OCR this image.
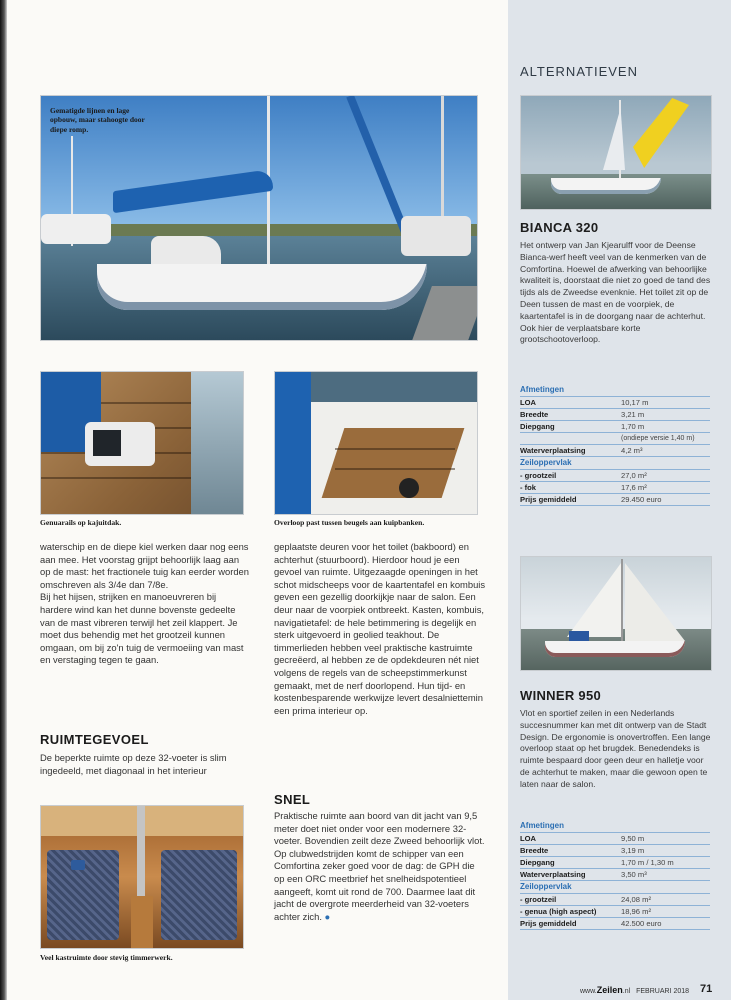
Gematigde lijnen en lage opbouw, maar stahoogte door diepe romp.
Genuarails op kajuitdak.	Overloop past tussen beugels aan kuipbanken.

waterschip en de diepe kiel werken daar nog eens aan mee. Het voorstag grijpt behoorlijk laag aan op de mast: het fractionele tuig kan eerder worden omschreven als 3/4e dan 7/8e.

Bij het hijsen, strijken en manoeuvreren bij hardere wind kan het dunne bovenste gedeelte van de mast vibreren terwijl het zeil klappert. Je moet dus behendig met het grootzeil kunnen omgaan, om bij zo'n tuig de vermoeiing van mast en verstaging tegen te gaan.

RUIMTEGEVOEL
De beperkte ruimte op deze 32-voeter is slim ingedeeld, met diagonaal in het interieur
Veel kastruimte door stevig timmerwerk.
geplaatste deuren voor het toilet (bakboord) en achterhut (stuurboord). Hierdoor houd je een gevoel van ruimte. Uitgezaagde openingen in het schot midscheeps voor de kaartentafel en kombuis geven een gezellig doorkijkje naar de salon. Een deur naar de voorpiek ontbreekt. Kasten, kombuis, navigatietafel: de hele betimmering is degelijk en sterk uitgevoerd in geolied teakhout. De timmerlieden hebben veel praktische kastruimte gecreëerd, al hebben ze de opdekdeuren nét niet volgens de regels van de scheepstimmerkunst gemaakt, met de nerf doorlopend. Hun tijd- en kostenbesparende werkwijze levert desalniettemin een prima interieur op.
SNEL
Praktische ruimte aan boord van dit jacht van 9,5 meter doet niet onder voor een modernere 32-voeter. Bovendien zeilt deze Zweed behoorlijk vlot. Op clubwedstrijden komt de schipper van een Comfortina zeker goed voor de dag: de GPH die op een ORC meetbrief het snelheidspotentieel aangeeft, komt uit rond de 700. Daarmee laat dit jacht de overgrote meerderheid van 32-voeters achter zich. ●
ALTERNATIEVEN
BIANCA 320
Het ontwerp van Jan Kjearulff voor de Deense Bianca-werf heeft veel van de kenmerken van de Comfortina. Hoewel de afwerking van behoorlijke kwaliteit is, doorstaat die niet zo goed de tand des tijds als de Zweedse evenknie. Het toilet zit op de Deen tussen de mast en de voorpiek, de kaartentafel is in de doorgang naar de achterhut. Ook hier de verplaatsbare korte grootschootoverloop.
Afmetingen
LOA	10,17 m
Breedte	3,21 m
Diepgang	1,70 m
(ondiepe versie 1,40 m)
Waterverplaatsing	4,2 m³
Zeiloppervlak
- grootzeil	27,0 m²
- fok	17,6 m²
Prijs gemiddeld	29.450 euro
WINNER 950
Vlot en sportief zeilen in een Nederlands succesnummer kan met dit ontwerp van de Stadt Design. De ergonomie is onovertroffen. Een lange overloop staat op het brugdek. Benedendeks is ruimte bespaard door geen deur en halletje voor de achterhut te maken, maar die gewoon open te laten naar de salon.
Afmetingen
LOA	9,50 m
Breedte	3,19 m
Diepgang	1,70 m / 1,30 m
Waterverplaatsing	3,50 m³
Zeiloppervlak
- grootzeil	24,08 m²
- genua (high aspect)	18,96 m²
Prijs gemiddeld	42.500 euro
www.Zeilen.nl FEBRUARI 2018 71
